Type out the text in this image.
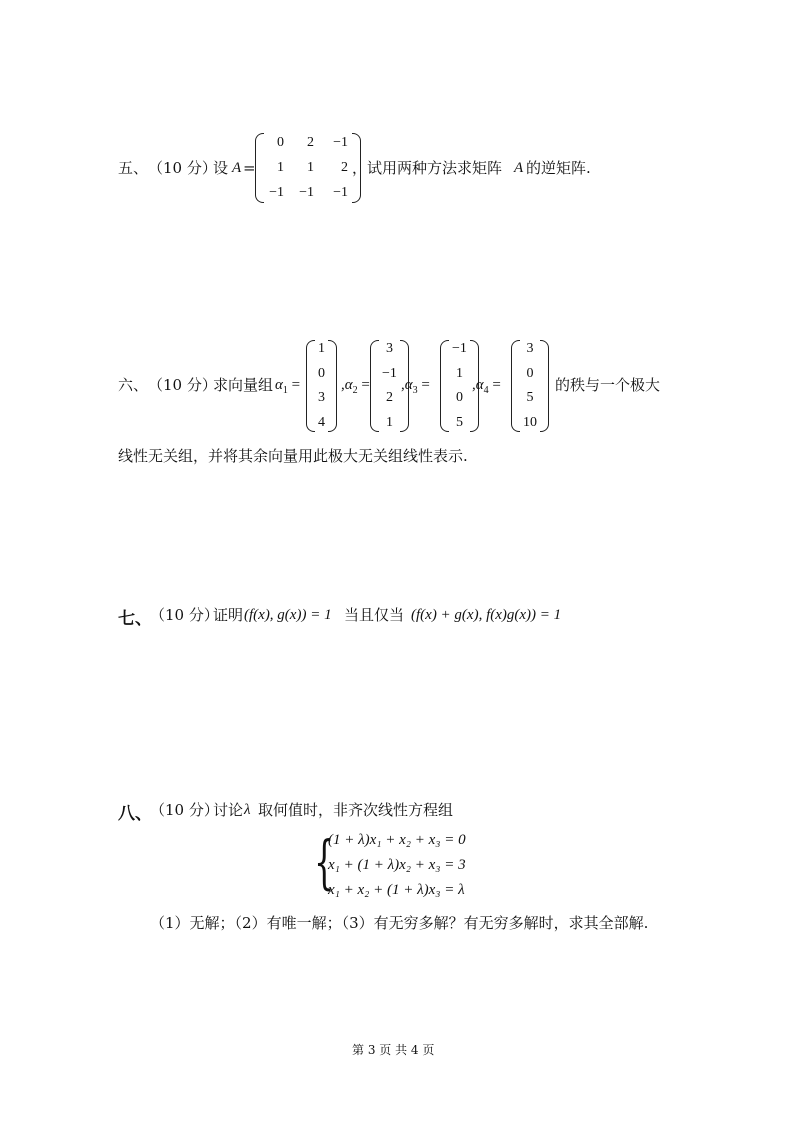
五、 （10 分）
设 A =
0	2	−1
1	1	2
−1 −1	−1
，试用两种方法求矩阵 A 的逆矩阵.
六、 （10 分）
求向量组 $\alpha_1$ =
1
0
3
4
$,\alpha_2$ =
3
−1
2
1
$,\alpha_3$ =
−1
1
0
5
$,\alpha_4$ =
3
0
5
10
的秩与一个极大
线性无关组，并将其余向量用此极大无关组线性表示.
七、
（10 分）
证明 (f(x), g(x)) = 1 当且仅当 (f(x) + g(x), f(x)g(x)) = 1
八、
（10 分）
讨论 λ 取何值时，非齐次线性方程组
{
(1 + λ)x₁ + x₂ + x₃ = 0
x₁ + (1 + λ)x₂ + x₃ = 3
x₁ + x₂ + (1 + λ)x₃ = λ
（1）无解；（2）有唯一解；（3）有无穷多解？有无穷多解时，求其全部解.
第 3 页 共 4 页
